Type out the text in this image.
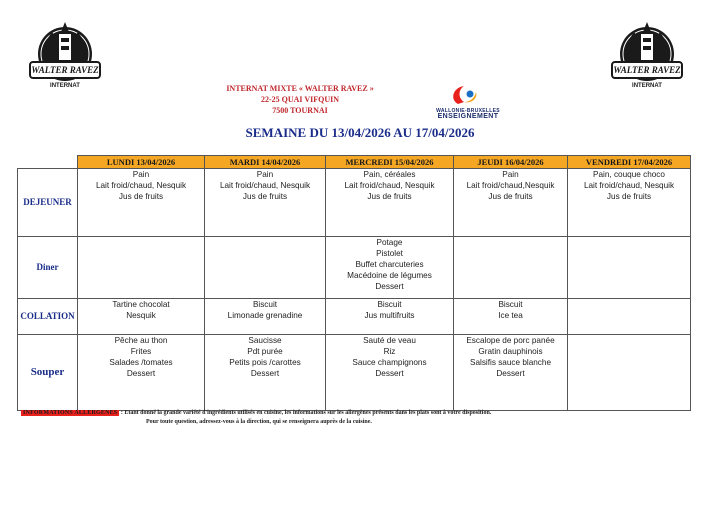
WALTER RAVEZ
INTERNAT
WALTER RAVEZ
INTERNAT
INTERNAT MIXTE « WALTER RAVEZ »
22-25 QUAI VIFQUIN
7500 TOURNAI	WALLONIE-BRUXELLES
ENSEIGNEMENT
SEMAINE DU 13/04/2026 AU 17/04/2026
	LUNDI 13/04/2026	MARDI 14/04/2026	MERCREDI 15/04/2026	JEUDI 16/04/2026	VENDREDI 17/04/2026
DEJEUNER	Pain
Lait froid/chaud, Nesquik
Jus de fruits	Pain
Lait froid/chaud, Nesquik
Jus de fruits	Pain, céréales
Lait froid/chaud, Nesquik
Jus de fruits	Pain
Lait froid/chaud,Nesquik
Jus de fruits	Pain, couque choco
Lait froid/chaud, Nesquik
Jus de fruits

Diner			Potage
Pistolet
Buffet charcuteries
Macédoine de légumes
Dessert		

COLLATION	Tartine chocolat
Nesquik	Biscuit
Limonade grenadine	Biscuit
Jus multifruits	Biscuit
Ice tea	

Souper	Pêche au thon
Frites
Salades /tomates
Dessert	Saucisse
Pdt purée
Petits pois /carottes
Dessert	Sauté de veau
Riz
Sauce champignons
Dessert	Escalope de porc panée
Gratin dauphinois
Salsifis sauce blanche
Dessert	

INFORMATIONS ALLERGENES : Etant donné la grande variété d'ingrédients utilisés en cuisine, les informations sur les allergènes présents dans les plats sont à votre disposition.
Pour toute question, adressez-vous à la direction, qui se renseignera auprès de la cuisine.
